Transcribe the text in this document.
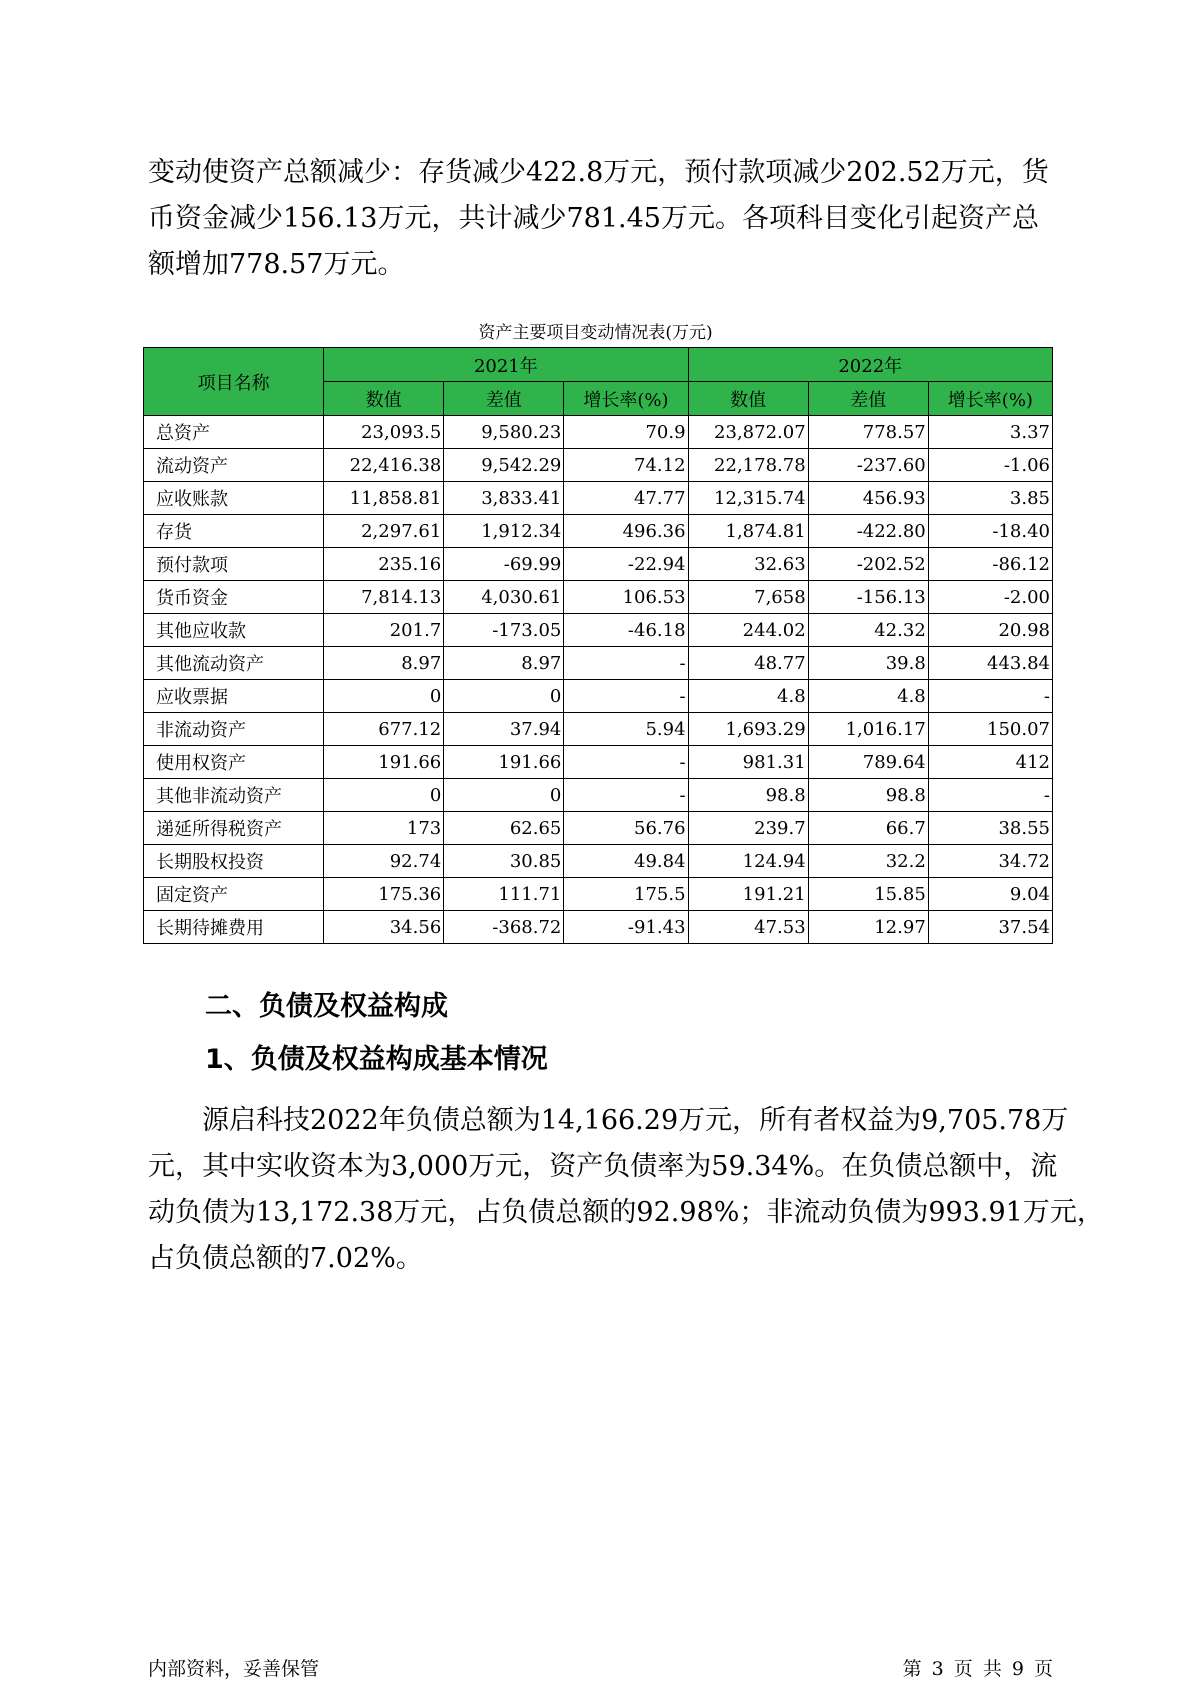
变动使资产总额减少：存货减少422.8万元，预付款项减少202.52万元，货
币资金减少156.13万元，共计减少781.45万元。各项科目变化引起资产总
额增加778.57万元。
资产主要项目变动情况表(万元)
项目名称	2021年			2022年		
	数值	差值	增长率(%)	数值	差值	增长率(%)
总资产	23,093.5	9,580.23	70.9	23,872.07	778.57	3.37
流动资产	22,416.38	9,542.29	74.12	22,178.78	-237.60	-1.06
应收账款	11,858.81	3,833.41	47.77	12,315.74	456.93	3.85
存货	2,297.61	1,912.34	496.36	1,874.81	-422.80	-18.40
预付款项	235.16	-69.99	-22.94	32.63	-202.52	-86.12
货币资金	7,814.13	4,030.61	106.53	7,658	-156.13	-2.00
其他应收款	201.7	-173.05	-46.18	244.02	42.32	20.98
其他流动资产	8.97	8.97	-	48.77	39.8	443.84
应收票据	0	0	-	4.8	4.8	-
非流动资产	677.12	37.94	5.94	1,693.29	1,016.17	150.07
使用权资产	191.66	191.66	-	981.31	789.64	412
其他非流动资产	0	0	-	98.8	98.8	-
递延所得税资产	173	62.65	56.76	239.7	66.7	38.55
长期股权投资	92.74	30.85	49.84	124.94	32.2	34.72
固定资产	175.36	111.71	175.5	191.21	15.85	9.04
长期待摊费用	34.56	-368.72	-91.43	47.53	12.97	37.54
二、负债及权益构成
1、负债及权益构成基本情况
源启科技2022年负债总额为14,166.29万元，所有者权益为9,705.78万
元，其中实收资本为3,000万元，资产负债率为59.34%。在负债总额中，流
动负债为13,172.38万元，占负债总额的92.98%；非流动负债为993.91万元，
占负债总额的7.02%。
内部资料，妥善保管	第 3 页 共 9 页
